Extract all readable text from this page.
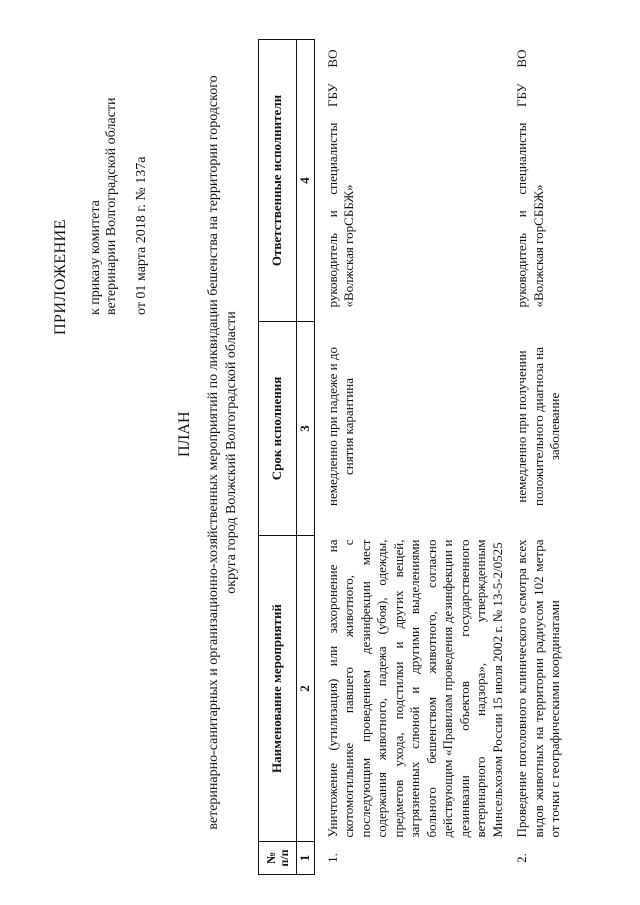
ПРИЛОЖЕНИЕ к приказу комитета ветеринарии Волгоградской области от 01 марта 2018 г. № 137а
ПЛАН ветеринарно-санитарных и организационно-хозяйственных мероприятий по ликвидации бешенства на территории городского округа город Волжский Волгоградской области
№ п/п	Наименование мероприятий	Срок исполнения	Ответственные исполнители
1	2	3	4
1.	Уничтожение (утилизация) или захоронение на скотомогильнике павшего животного, с последующим проведением дезинфекции мест содержания животного, падежа (убоя), одежды, предметов ухода, подстилки и других вещей, загрязненных слюной и другими выделениями больного бешенством животного, согласно действующим «Правилам проведения дезинфекции и дезинвазии объектов государственного ветеринарного надзора», утвержденным Минсельхозом России 15 июля 2002 г. № 13-5-2/0525	немедленно при падеже и до снятия карантина	руководитель и специалисты ГБУ ВО «Волжская горСББЖ»
2.	Проведение поголовного клинического осмотра всех видов животных на территории радиусом 102 метра от точки с географическими координатами	немедленно при получении положительного диагноза на заболевание	руководитель и специалисты ГБУ ВО «Волжская горСББЖ»
